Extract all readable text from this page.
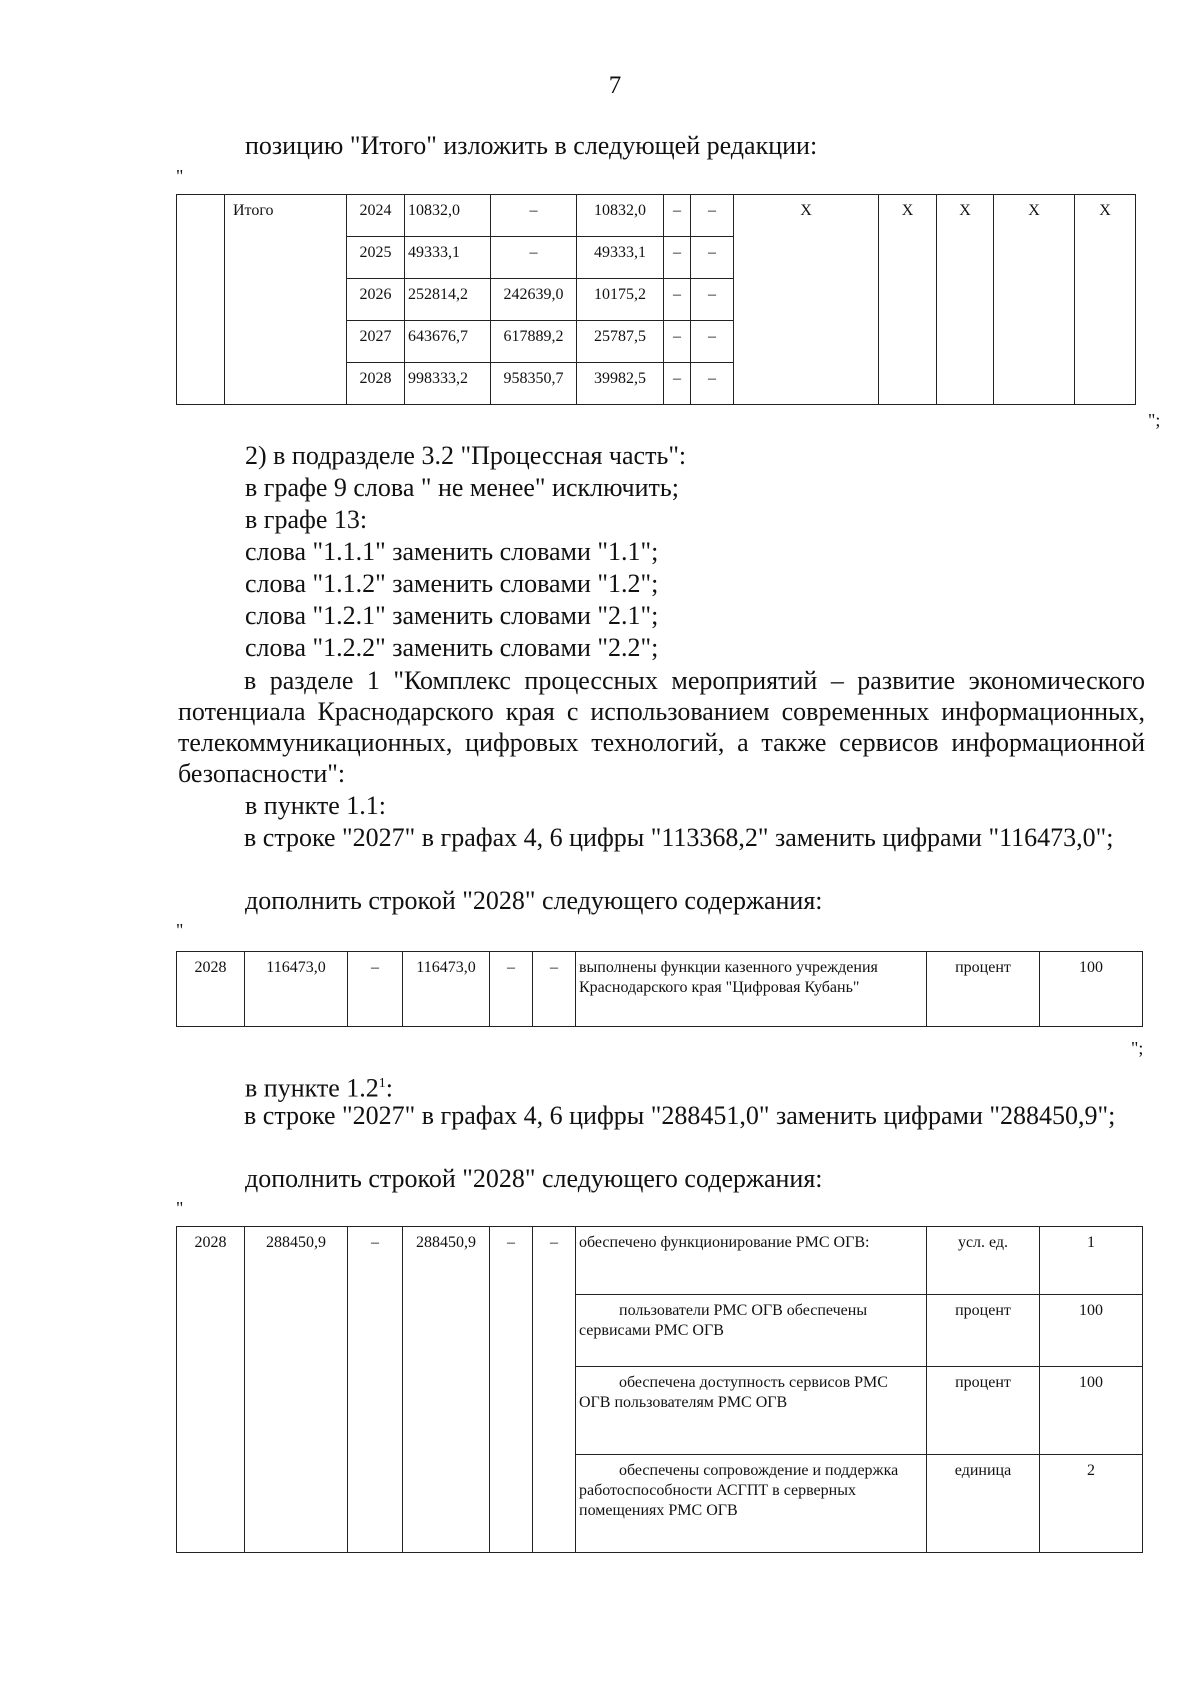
7
позицию "Итого" изложить в следующей редакции:
"
	Итого	2024	10832,0	–	10832,0	–	–	Х	Х	Х	Х	Х
		2025	49333,1	–	49333,1	–	–					
		2026	252814,2	242639,0	10175,2	–	–					
		2027	643676,7	617889,2	25787,5	–	–					
		2028	998333,2	958350,7	39982,5	–	–					
";
2) в подразделе 3.2 "Процессная часть":
в графе 9 слова " не менее" исключить;
в графе 13:
слова "1.1.1" заменить словами "1.1";
слова "1.1.2" заменить словами "1.2";
слова "1.2.1" заменить словами "2.1";
слова "1.2.2" заменить словами "2.2";
в разделе 1 "Комплекс процессных мероприятий – развитие экономического потенциала Краснодарского края с использованием современных информационных, телекоммуникационных, цифровых технологий, а также сервисов информационной безопасности":
в пункте 1.1:
в строке "2027" в графах 4, 6 цифры "113368,2" заменить цифрами "116473,0";
дополнить строкой "2028" следующего содержания:
"
2028	116473,0	–	116473,0	–	–	выполнены функции казенного учреждения Краснодарского края "Цифровая Кубань"	процент	100
";
в пункте $1.2^1$:
в строке "2027" в графах 4, 6 цифры "288451,0" заменить цифрами "288450,9";
дополнить строкой "2028" следующего содержания:
"
2028	288450,9	–	288450,9	–	–	обеспечено функционирование РМС ОГВ:	усл. ед.	1
						пользователи РМС ОГВ обеспечены сервисами РМС ОГВ	процент	100
						обеспечена доступность сервисов РМС ОГВ пользователям РМС ОГВ	процент	100
						обеспечены сопровождение и поддержка работоспособности АСГПТ в серверных помещениях РМС ОГВ	единица	2
